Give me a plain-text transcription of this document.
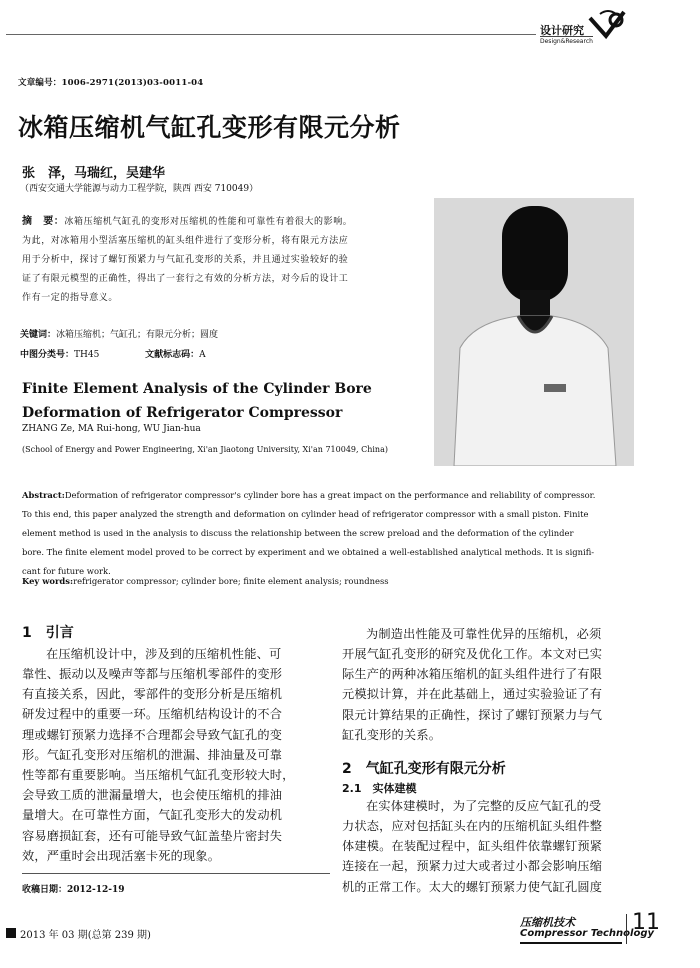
设计研究
Design&Research
文章编号：1006-2971(2013)03-0011-04
冰箱压缩机气缸孔变形有限元分析
张　泽，马瑞红，吴建华
（西安交通大学能源与动力工程学院，陕西 西安 710049）
摘　要：冰箱压缩机气缸孔的变形对压缩机的性能和可靠性有着很大的影响。
为此，对冰箱用小型活塞压缩机的缸头组件进行了变形分析，将有限元方法应
用于分析中，探讨了螺钉预紧力与气缸孔变形的关系，并且通过实验较好的验
证了有限元模型的正确性，得出了一套行之有效的分析方法，对今后的设计工
作有一定的指导意义。
关键词：冰箱压缩机；气缸孔；有限元分析；圆度
中图分类号：TH45	文献标志码：A
Finite Element Analysis of the Cylinder Bore Deformation of Refrigerator Compressor
ZHANG Ze, MA Rui-hong, WU Jian-hua
(School of Energy and Power Engineering, Xi'an Jiaotong University, Xi'an 710049, China)
Abstract:Deformation of refrigerator compressor's cylinder bore has a great impact on the performance and reliability of compressor.
To this end, this paper analyzed the strength and deformation on cylinder head of refrigerator compressor with a small piston. Finite
element method is used in the analysis to discuss the relationship between the screw preload and the deformation of the cylinder
bore. The finite element model proved to be correct by experiment and we obtained a well-established analytical methods. It is signifi-
cant for future work.
Key words:refrigerator compressor; cylinder bore; finite element analysis; roundness
1　引言
在压缩机设计中，涉及到的压缩机性能、可
靠性、振动以及噪声等都与压缩机零部件的变形
有直接关系，因此，零部件的变形分析是压缩机
研发过程中的重要一环。压缩机结构设计的不合
理或螺钉预紧力选择不合理都会导致气缸孔的变
形。气缸孔变形对压缩机的泄漏、排油量及可靠
性等都有重要影响。当压缩机气缸孔变形较大时，
会导致工质的泄漏量增大，也会使压缩机的排油
量增大。在可靠性方面，气缸孔变形大的发动机
容易磨损缸套，还有可能导致气缸盖垫片密封失
效，严重时会出现活塞卡死的现象。
收稿日期：2012-12-19
为制造出性能及可靠性优异的压缩机，必须
开展气缸孔变形的研究及优化工作。本文对已实
际生产的两种冰箱压缩机的缸头组件进行了有限
元模拟计算，并在此基础上，通过实验验证了有
限元计算结果的正确性，探讨了螺钉预紧力与气
缸孔变形的关系。
2　气缸孔变形有限元分析
2.1　实体建模
在实体建模时，为了完整的反应气缸孔的受
力状态，应对包括缸头在内的压缩机缸头组件整
体建模。在装配过程中，缸头组件依靠螺钉预紧
连接在一起，预紧力过大或者过小都会影响压缩
机的正常工作。太大的螺钉预紧力使气缸孔圆度
2013 年 03 期(总第 239 期)
压缩机技术
Compressor Technology
11
